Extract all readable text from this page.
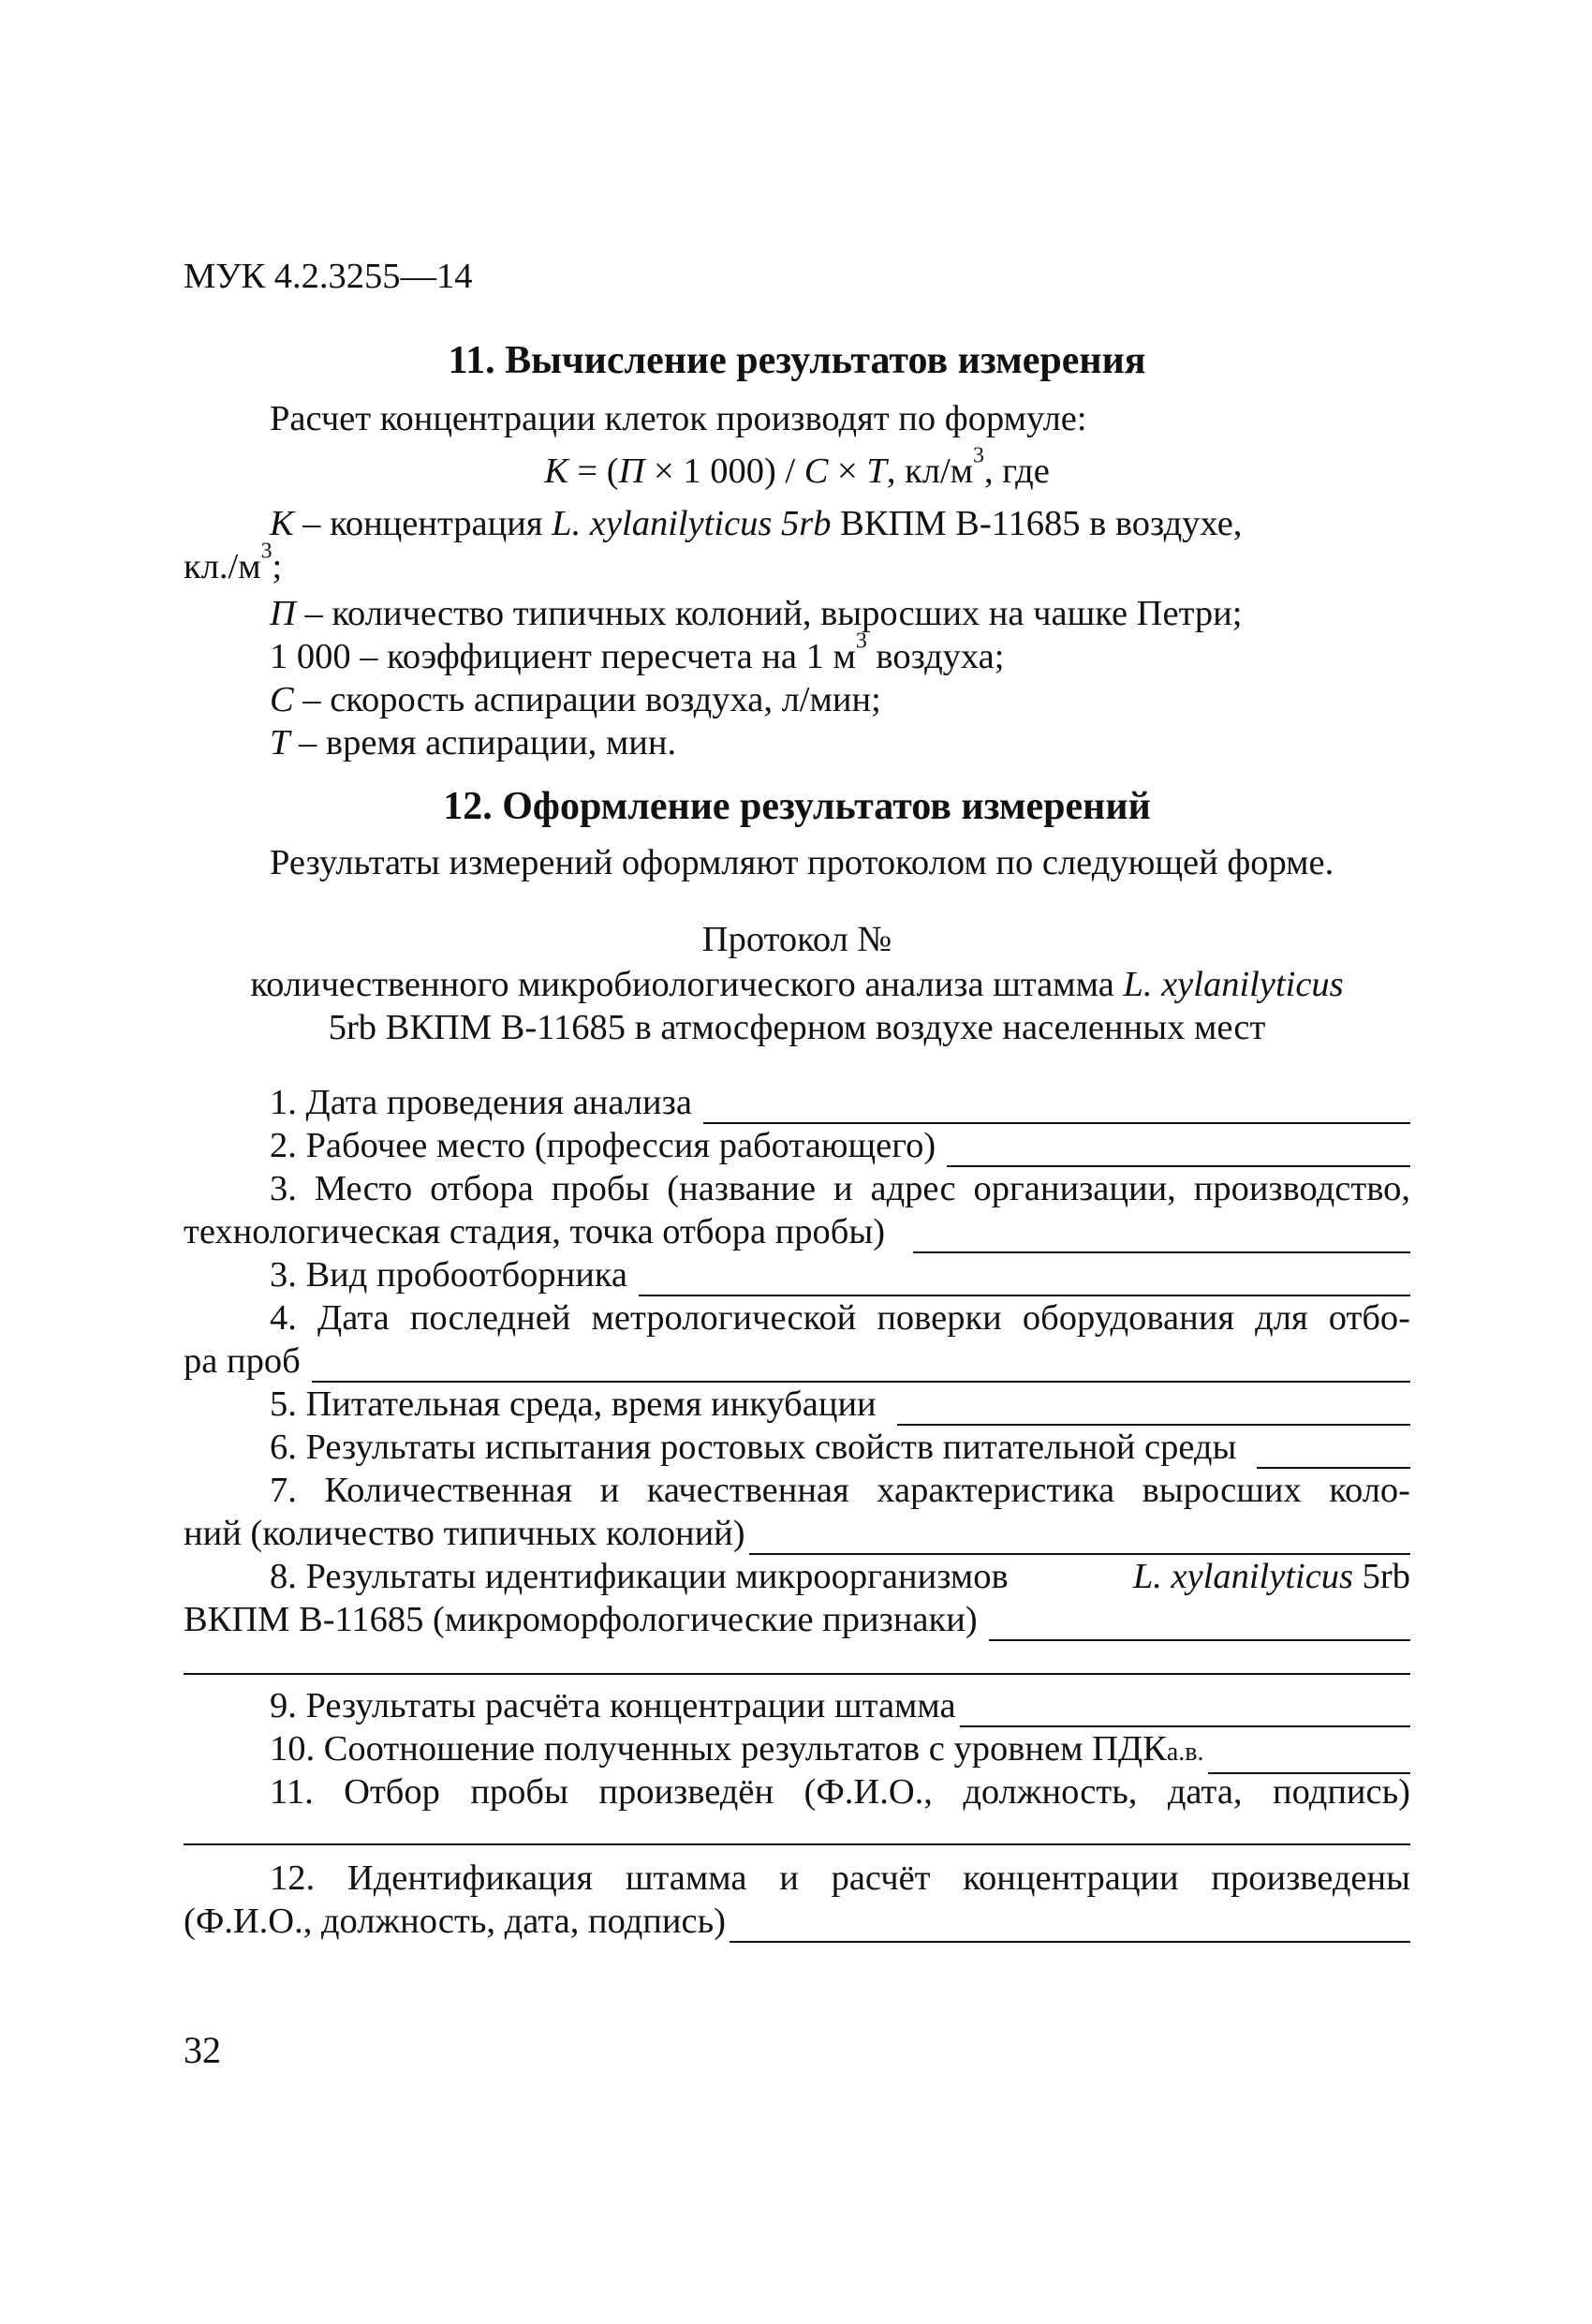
МУК 4.2.3255—14
11. Вычисление результатов измерения
Расчет концентрации клеток производят по формуле:
К = (П × 1 000) / С × Т, $кл/м^3$, где
К – концентрация L. xylanilyticus 5rb ВКПМ В-11685 в воздухе,
$кл./м^3$;
П – количество типичных колоний, выросших на чашке Петри;
1 000 – коэффициент пересчета на 1 $м^3$ воздуха;
С – скорость аспирации воздуха, л/мин;
Т – время аспирации, мин.
12. Оформление результатов измерений
Результаты измерений оформляют протоколом по следующей форме.
Протокол №
количественного микробиологического анализа штамма L. xylanilyticus
5rb ВКПМ В-11685 в атмосферном воздухе населенных мест
1. Дата проведения анализа
2. Рабочее место (профессия работающего)
3. Место отбора пробы (название и адрес организации, производство,
технологическая стадия, точка отбора пробы)
3. Вид пробоотборника
4. Дата последней метрологической поверки оборудования для отбо-
ра проб
5. Питательная среда, время инкубации
6. Результаты испытания ростовых свойств питательной среды
7. Количественная и качественная характеристика выросших коло-
ний (количество типичных колоний)
8. Результаты идентификации микроорганизмов	L. xylanilyticus 5rb
ВКПМ В-11685 (микроморфологические признаки)
9. Результаты расчёта концентрации штамма
10. Соотношение полученных результатов с уровнем ПДКа.в.
11. Отбор пробы произведён (Ф.И.О., должность, дата, подпись)
12. Идентификация штамма и расчёт концентрации произведены
(Ф.И.О., должность, дата, подпись)
32
